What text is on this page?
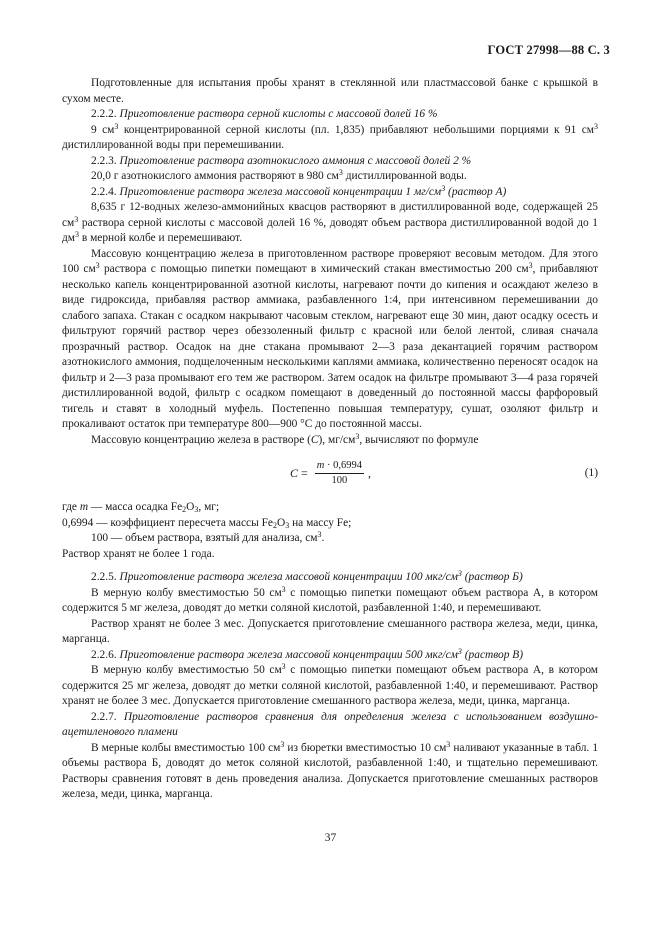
ГОСТ 27998—88 С. 3

Подготовленные для испытания пробы хранят в стеклянной или пластмассовой банке с крышкой в сухом месте.

2.2.2. Приготовление раствора серной кислоты с массовой долей 16 %

9 $см^3$ концентрированной серной кислоты (пл. 1,835) прибавляют небольшими порциями к 91 $см^3$ дистиллированной воды при перемешивании.

2.2.3. Приготовление раствора азотнокислого аммония с массовой долей 2 %

20,0 г азотнокислого аммония растворяют в 980 $см^3$ дистиллированной воды.

2.2.4. Приготовление раствора железа массовой концентрации 1 $мг/см^3$ (раствор А)

8,635 г 12-водных железо-аммонийных квасцов растворяют в дистиллированной воде, содержащей 25 $см^3$ раствора серной кислоты с массовой долей 16 %, доводят объем раствора дистиллированной водой до 1 $дм^3$ в мерной колбе и перемешивают.

Массовую концентрацию железа в приготовленном растворе проверяют весовым методом. Для этого 100 $см^3$ раствора с помощью пипетки помещают в химический стакан вместимостью 200 $см^3$, прибавляют несколько капель концентрированной азотной кислоты, нагревают почти до кипения и осаждают железо в виде гидроксида, прибавляя раствор аммиака, разбавленного 1:4, при интенсивном перемешивании до слабого запаха. Стакан с осадком накрывают часовым стеклом, нагревают еще 30 мин, дают осадку осесть и фильтруют горячий раствор через обеззоленный фильтр с красной или белой лентой, сливая сначала прозрачный раствор. Осадок на дне стакана промывают 2—3 раза декантацией горячим раствором азотнокислого аммония, подщелоченным несколькими каплями аммиака, количественно переносят осадок на фильтр и 2—3 раза промывают его тем же раствором. Затем осадок на фильтре промывают 3—4 раза горячей дистиллированной водой, фильтр с осадком помещают в доведенный до постоянной массы фарфоровый тигель и ставят в холодный муфель. Постепенно повышая температуру, сушат, озоляют фильтр и прокаливают остаток при температуре 800—900 °С до постоянной массы.

Массовую концентрацию железа в растворе (C), $мг/см^3$, вычисляют по формуле

$C = \frac{m \cdot 0,6994}{100}$ ,	(1)

где m — масса осадка $Fe_2O_3$, мг;

0,6994 — коэффициент пересчета массы $Fe_2O_3$ на массу Fe;

100 — объем раствора, взятый для анализа, $см^3$.

Раствор хранят не более 1 года.

2.2.5. Приготовление раствора железа массовой концентрации 100 мкг/$см^3$ (раствор Б)

В мерную колбу вместимостью 50 $см^3$ с помощью пипетки помещают объем раствора А, в котором содержится 5 мг железа, доводят до метки соляной кислотой, разбавленной 1:40, и перемешивают.

Раствор хранят не более 3 мес. Допускается приготовление смешанного раствора железа, меди, цинка, марганца.

2.2.6. Приготовление раствора железа массовой концентрации 500 мкг/$см^3$ (раствор В)

В мерную колбу вместимостью 50 $см^3$ с помощью пипетки помещают объем раствора А, в котором содержится 25 мг железа, доводят до метки соляной кислотой, разбавленной 1:40, и перемешивают. Раствор хранят не более 3 мес. Допускается приготовление смешанного раствора железа, меди, цинка, марганца.

2.2.7. Приготовление растворов сравнения для определения железа с использованием воздушно-ацетиленового пламени

В мерные колбы вместимостью 100 $см^3$ из бюретки вместимостью 10 $см^3$ наливают указанные в табл. 1 объемы раствора Б, доводят до меток соляной кислотой, разбавленной 1:40, и тщательно перемешивают. Растворы сравнения готовят в день проведения анализа. Допускается приготовление смешанных растворов железа, меди, цинка, марганца.

37
